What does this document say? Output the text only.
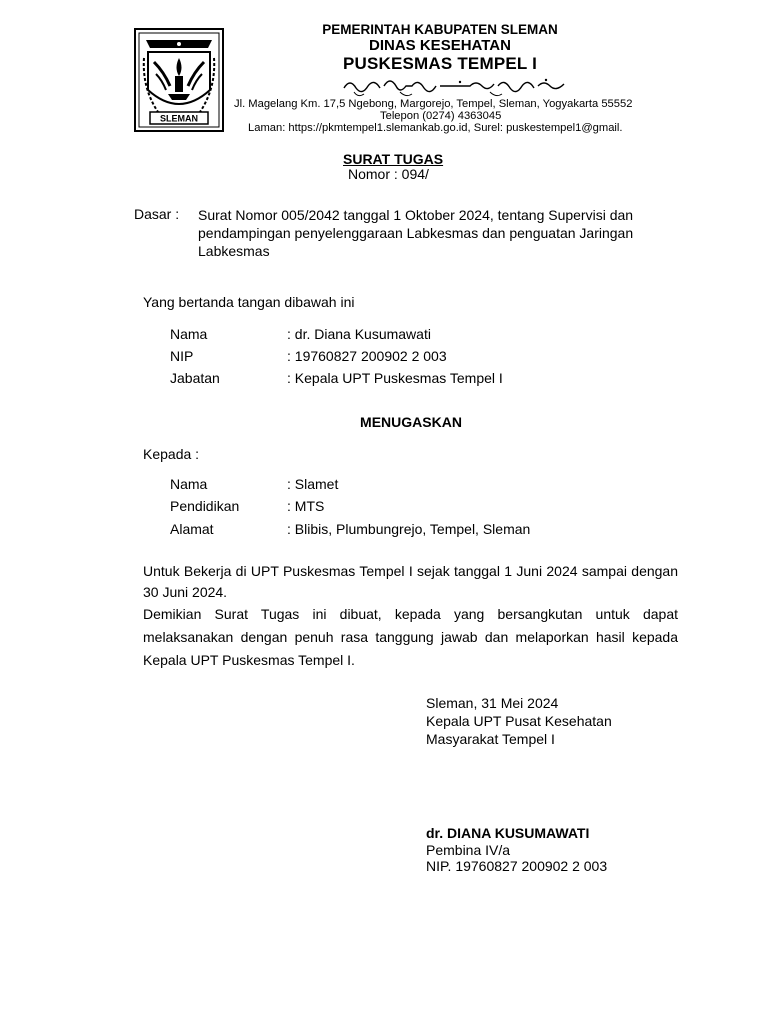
SLEMAN
PEMERINTAH KABUPATEN SLEMAN
DINAS KESEHATAN
PUSKESMAS TEMPEL I
Jl. Magelang Km. 17,5 Ngebong, Margorejo, Tempel, Sleman, Yogyakarta 55552
Telepon (0274) 4363045
Laman: https://pkmtempel1.slemankab.go.id, Surel: puskestempel1@gmail.
SURAT TUGAS
Nomor : 094/
Dasar : Surat Nomor 005/2042 tanggal 1 Oktober 2024, tentang Supervisi dan pendampingan penyelenggaraan Labkesmas dan penguatan Jaringan Labkesmas
Yang bertanda tangan dibawah ini
Nama	: dr. Diana Kusumawati
NIP	: 19760827 200902 2 003
Jabatan	: Kepala UPT Puskesmas Tempel I
MENUGASKAN
Kepada :
Nama	: Slamet
Pendidikan	: MTS
Alamat	: Blibis, Plumbungrejo, Tempel, Sleman
Untuk Bekerja di UPT Puskesmas Tempel I sejak tanggal 1 Juni 2024 sampai dengan 30 Juni 2024.
Demikian Surat Tugas ini dibuat, kepada yang bersangkutan untuk dapat melaksanakan dengan penuh rasa tanggung jawab dan melaporkan hasil kepada Kepala UPT Puskesmas Tempel I.
Sleman, 31 Mei 2024
Kepala UPT Pusat Kesehatan
Masyarakat Tempel I
dr. DIANA KUSUMAWATI
Pembina IV/a
NIP. 19760827 200902 2 003
